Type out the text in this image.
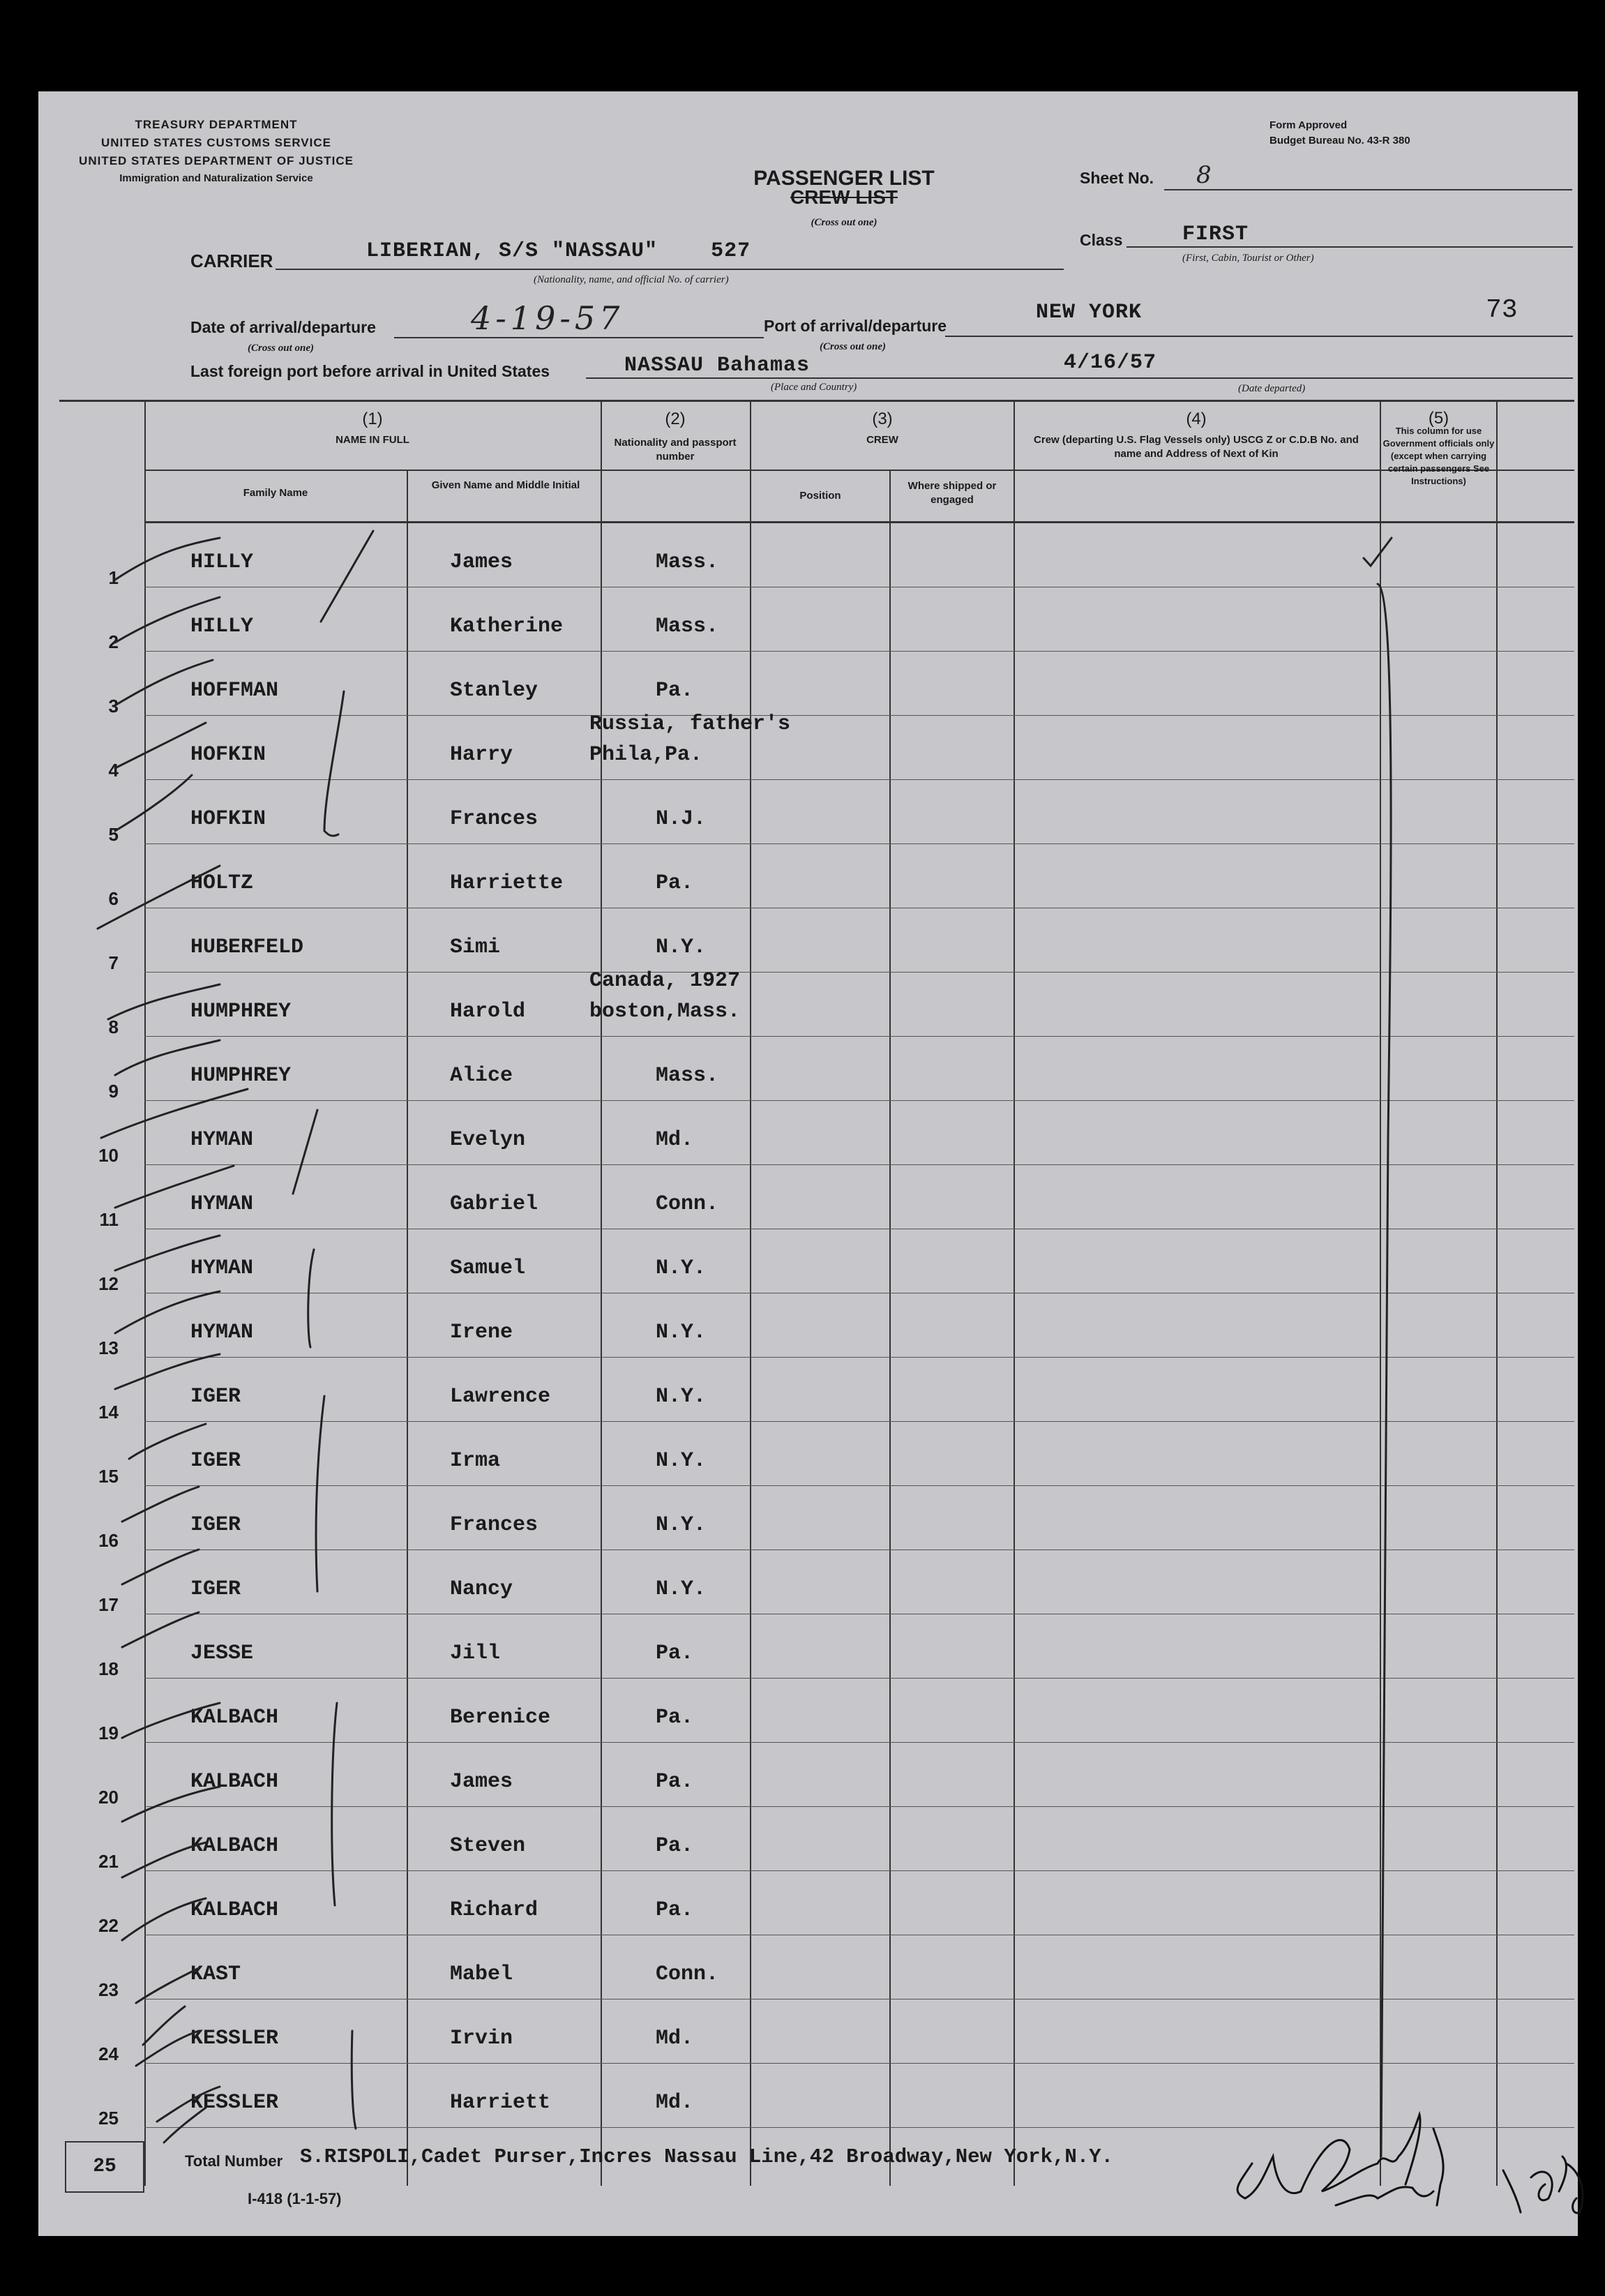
TREASURY DEPARTMENT
UNITED STATES CUSTOMS SERVICE
UNITED STATES DEPARTMENT OF JUSTICE
Immigration and Naturalization Service
Form Approved
Budget Bureau No. 43-R 380
PASSENGER LIST
CREW LIST
(Cross out one)
Sheet No. 8
Class	FIRST
(First, Cabin, Tourist or Other)
CARRIER	LIBERIAN, S/S "NASSAU"    527
(Nationality, name, and official No. of carrier)
Date of arrival/departure
(Cross out one)
4-19-57	Port of arrival/departure
(Cross out one)
NEW YORK	73
Last foreign port before arrival in United States	NASSAU Bahamas	4/16/57
(Place and Country)	(Date departed)
(1)
NAME IN FULL
Family Name
Given Name and Middle Initial
(2)
Nationality and passport number
(3)
CREW
Position
Where shipped or engaged
(4)
Crew (departing U.S. Flag Vessels only) USCG Z or C.D.B No. and name and Address of Next of Kin
(5)
This column for use Government officials only (except when carrying certain passengers See Instructions)
1
HILLY	James	Mass.
2
HILLY	Katherine	Mass.
3
HOFFMAN	Stanley	Pa.
4
HOFKIN	Harry
Russia, father's
Phila,Pa.
5
HOFKIN	Frances	N.J.
6
HOLTZ	Harriette	Pa.
7
HUBERFELD	Simi	N.Y.
8
HUMPHREY	Harold
Canada, 1927
boston,Mass.
9
HUMPHREY	Alice	Mass.
10
HYMAN	Evelyn	Md.
11
HYMAN	Gabriel	Conn.
12
HYMAN	Samuel	N.Y.
13
HYMAN	Irene	N.Y.
14
IGER	Lawrence	N.Y.
15
IGER	Irma	N.Y.
16
IGER	Frances	N.Y.
17
IGER	Nancy	N.Y.
18
JESSE	Jill	Pa.
19
KALBACH	Berenice	Pa.
20
KALBACH	James	Pa.
21
KALBACH	Steven	Pa.
22
KALBACH	Richard	Pa.
23
KAST	Mabel	Conn.
24
KESSLER	Irvin	Md.
25
KESSLER	Harriett	Md.
25	Total Number S.RISPOLI,Cadet Purser,Incres Nassau Line,42 Broadway,New York,N.Y.
I-418 (1-1-57)
